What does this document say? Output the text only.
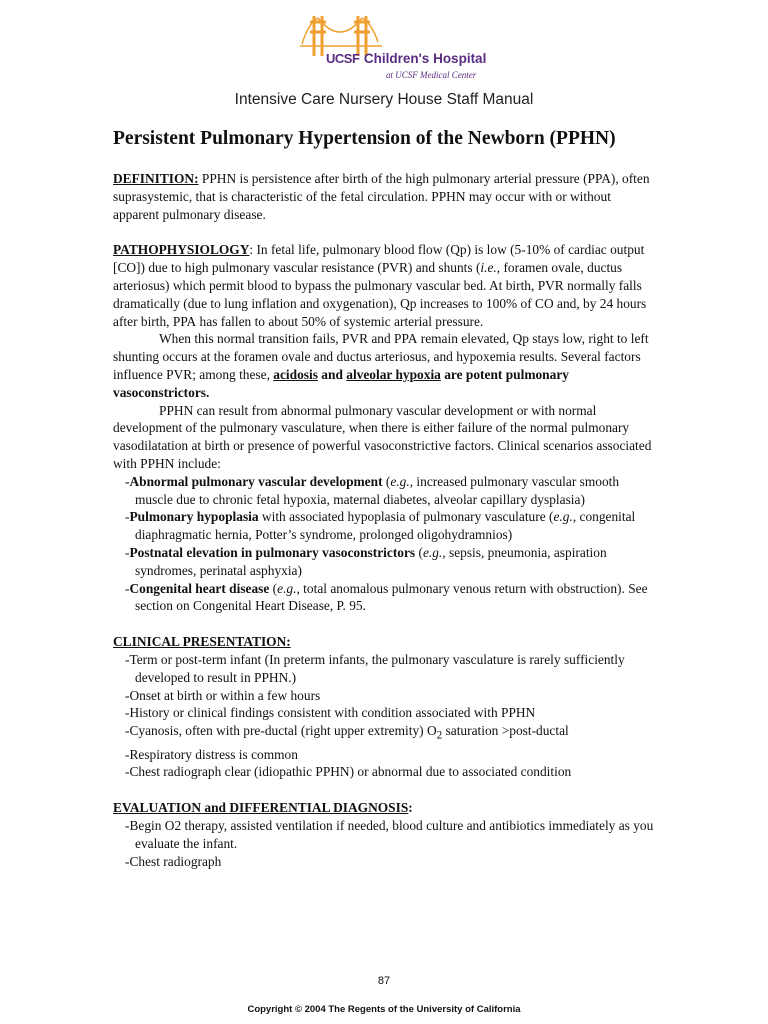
UCSF Children's Hospital
at UCSF Medical Center
Intensive Care Nursery House Staff Manual
Persistent Pulmonary Hypertension of the Newborn (PPHN)

DEFINITION: PPHN is persistence after birth of the high pulmonary arterial pressure (PPA), often suprasystemic, that is characteristic of the fetal circulation. PPHN may occur with or without apparent pulmonary disease.

PATHOPHYSIOLOGY: In fetal life, pulmonary blood flow (Qp) is low (5-10% of cardiac output [CO]) due to high pulmonary vascular resistance (PVR) and shunts (i.e., foramen ovale, ductus arteriosus) which permit blood to bypass the pulmonary vascular bed. At birth, PVR normally falls dramatically (due to lung inflation and oxygenation), Qp increases to 100% of CO and, by 24 hours after birth, PPA has fallen to about 50% of systemic arterial pressure.

When this normal transition fails, PVR and PPA remain elevated, Qp stays low, right to left shunting occurs at the foramen ovale and ductus arteriosus, and hypoxemia results. Several factors influence PVR; among these, acidosis and alveolar hypoxia are potent pulmonary vasoconstrictors.

PPHN can result from abnormal pulmonary vascular development or with normal development of the pulmonary vasculature, when there is either failure of the normal pulmonary vasodilatation at birth or presence of powerful vasoconstrictive factors. Clinical scenarios associated with PPHN include:

-Abnormal pulmonary vascular development (e.g., increased pulmonary vascular smooth muscle due to chronic fetal hypoxia, maternal diabetes, alveolar capillary dysplasia)

-Pulmonary hypoplasia with associated hypoplasia of pulmonary vasculature (e.g., congenital diaphragmatic hernia, Potter’s syndrome, prolonged oligohydramnios)

-Postnatal elevation in pulmonary vasoconstrictors (e.g., sepsis, pneumonia, aspiration syndromes, perinatal asphyxia)

-Congenital heart disease (e.g., total anomalous pulmonary venous return with obstruction). See section on Congenital Heart Disease, P. 95.

CLINICAL PRESENTATION:

-Term or post-term infant (In preterm infants, the pulmonary vasculature is rarely sufficiently developed to result in PPHN.)

-Onset at birth or within a few hours

-History or clinical findings consistent with condition associated with PPHN

-Cyanosis, often with pre-ductal (right upper extremity) $O_2$ saturation >post-ductal

-Respiratory distress is common

-Chest radiograph clear (idiopathic PPHN) or abnormal due to associated condition

EVALUATION and DIFFERENTIAL DIAGNOSIS:

-Begin O2 therapy, assisted ventilation if needed, blood culture and antibiotics immediately as you evaluate the infant.

-Chest radiograph

87
Copyright © 2004 The Regents of the University of California
